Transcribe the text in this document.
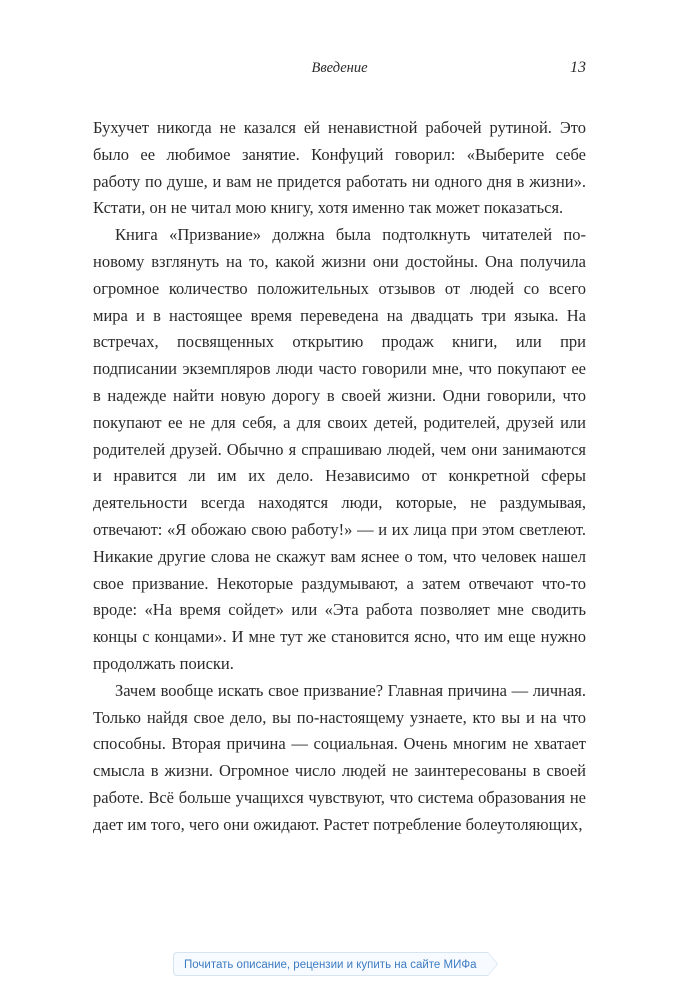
Введение	13

Бухучет никогда не казался ей ненавистной рабочей рутиной. Это было ее любимое занятие. Конфуций говорил: «Выберите себе работу по душе, и вам не придется работать ни одного дня в жизни». Кстати, он не читал мою книгу, хотя именно так может показаться.

Книга «Призвание» должна была подтолкнуть читателей по-новому взглянуть на то, какой жизни они достойны. Она получила огромное количество положительных отзывов от людей со всего мира и в настоящее время переведена на двадцать три языка. На встречах, посвященных открытию продаж книги, или при подписании экземпляров люди часто говорили мне, что покупают ее в надежде найти новую дорогу в своей жизни. Одни говорили, что покупают ее не для себя, а для своих детей, родителей, друзей или родителей друзей. Обычно я спрашиваю людей, чем они занимаются и нравится ли им их дело. Независимо от конкретной сферы деятельности всегда находятся люди, которые, не раздумывая, отвечают: «Я обожаю свою работу!» — и их лица при этом светлеют. Никакие другие слова не скажут вам яснее о том, что человек нашел свое призвание. Некоторые раздумывают, а затем отвечают что-то вроде: «На время сойдет» или «Эта работа позволяет мне сводить концы с концами». И мне тут же становится ясно, что им еще нужно продолжать поиски.

Зачем вообще искать свое призвание? Главная причина — личная. Только найдя свое дело, вы по-настоящему узнаете, кто вы и на что способны. Вторая причина — социальная. Очень многим не хватает смысла в жизни. Огромное число людей не заинтересованы в своей работе. Всё больше учащихся чувствуют, что система образования не дает им того, чего они ожидают. Растет потребление болеутоляющих,

Почитать описание, рецензии и купить на сайте МИФа
